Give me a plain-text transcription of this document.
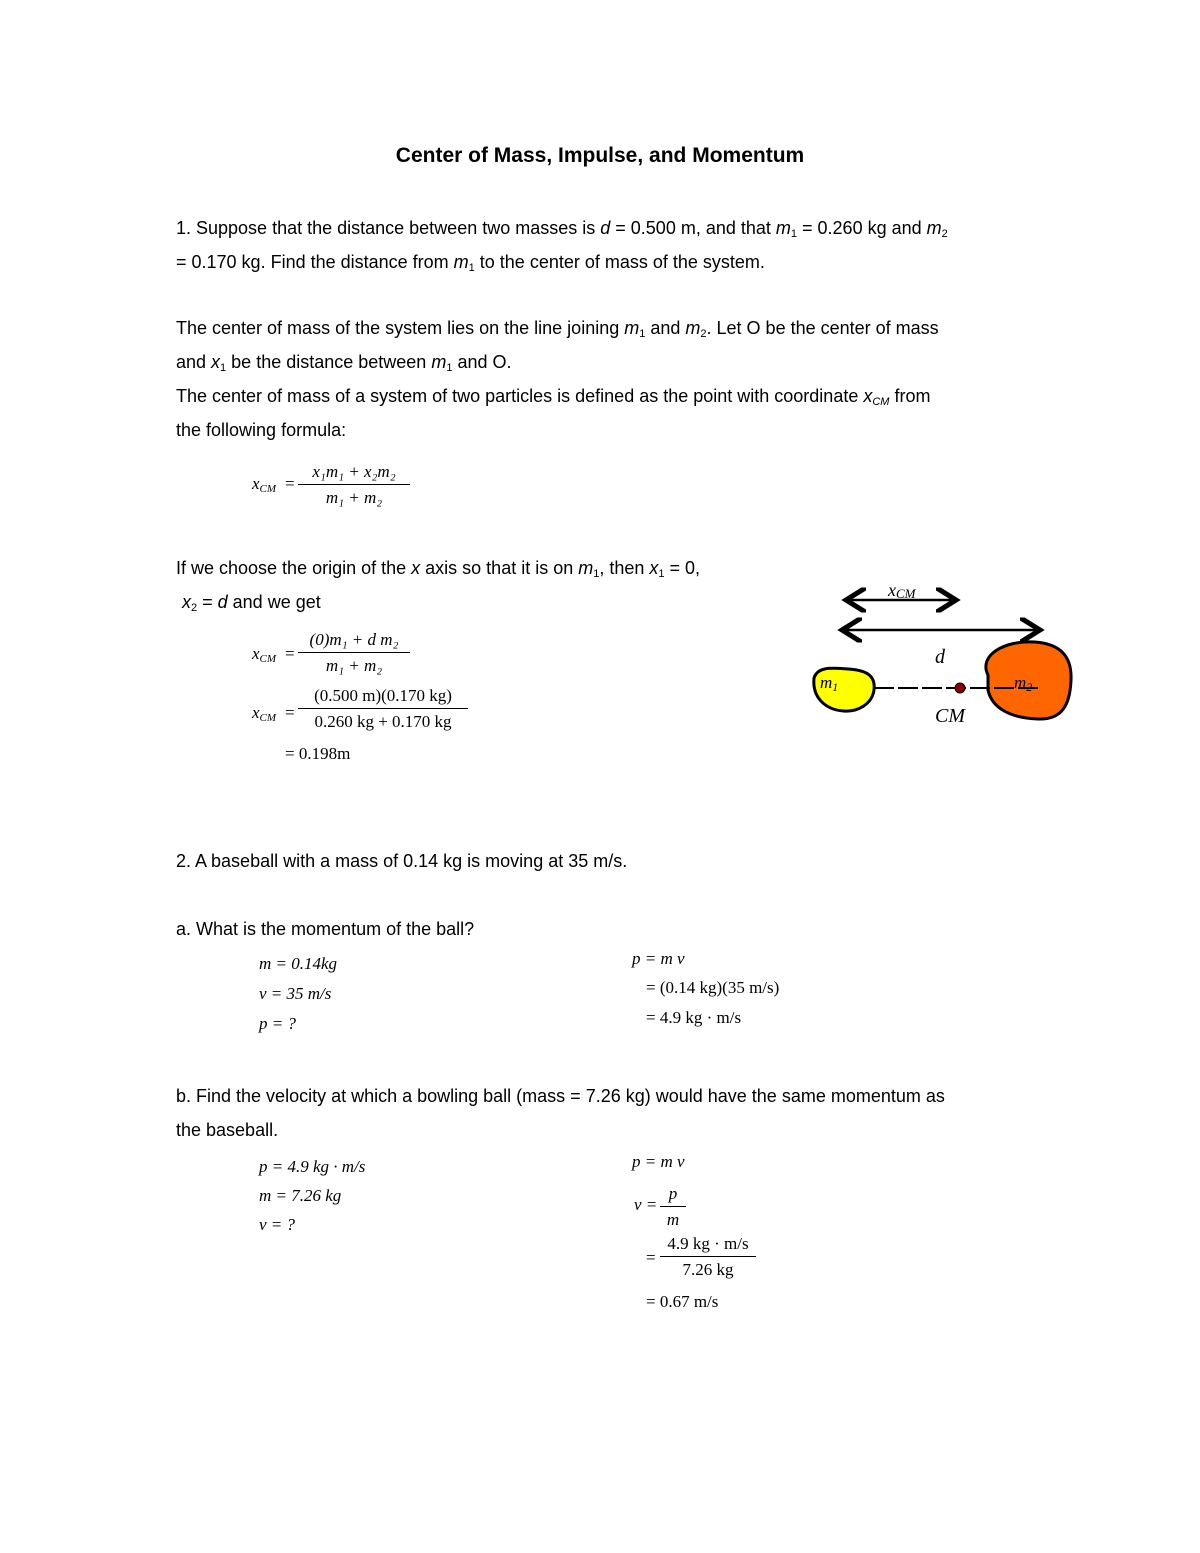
Center of Mass, Impulse, and Momentum
1. Suppose that the distance between two masses is d = 0.500 m, and that $m_1 = 0.260$ kg and $m_2$
= 0.170 kg. Find the distance from $m_1$ to the center of mass of the system.
The center of mass of the system lies on the line joining $m_1$ and $m_2$. Let O be the center of mass
and $x_1$ be the distance between $m_1$ and O.
The center of mass of a system of two particles is defined as the point with coordinate $x_{CM}$ from
the following formula:
$x_{CM}$ =
x₁m₁ + x₂m₂
m₁ + m₂
If we choose the origin of the x axis so that it is on $m_1$, then $x_1 = 0$,
$x_2 = d$ and we get
$x_{CM}$ =
(0)m₁ + d m₂
m₁ + m₂
$x_{CM}$ =
(0.500 m)(0.170 kg)
0.260 kg + 0.170 kg
= 0.198m
xCM
d
m1	m2
CM
2. A baseball with a mass of 0.14 kg is moving at 35 m/s.
a. What is the momentum of the ball?
m = 0.14kg
v = 35 m/s
p = ?
p = m v
= (0.14 kg)(35 m/s)
= 4.9 kg · m/s
b. Find the velocity at which a bowling ball (mass = 7.26 kg) would have the same momentum as
the baseball.
p = 4.9 kg · m/s
m = 7.26 kg
v = ?
p = m v
v =
p
m
=
4.9 kg · m/s
7.26 kg
= 0.67 m/s
